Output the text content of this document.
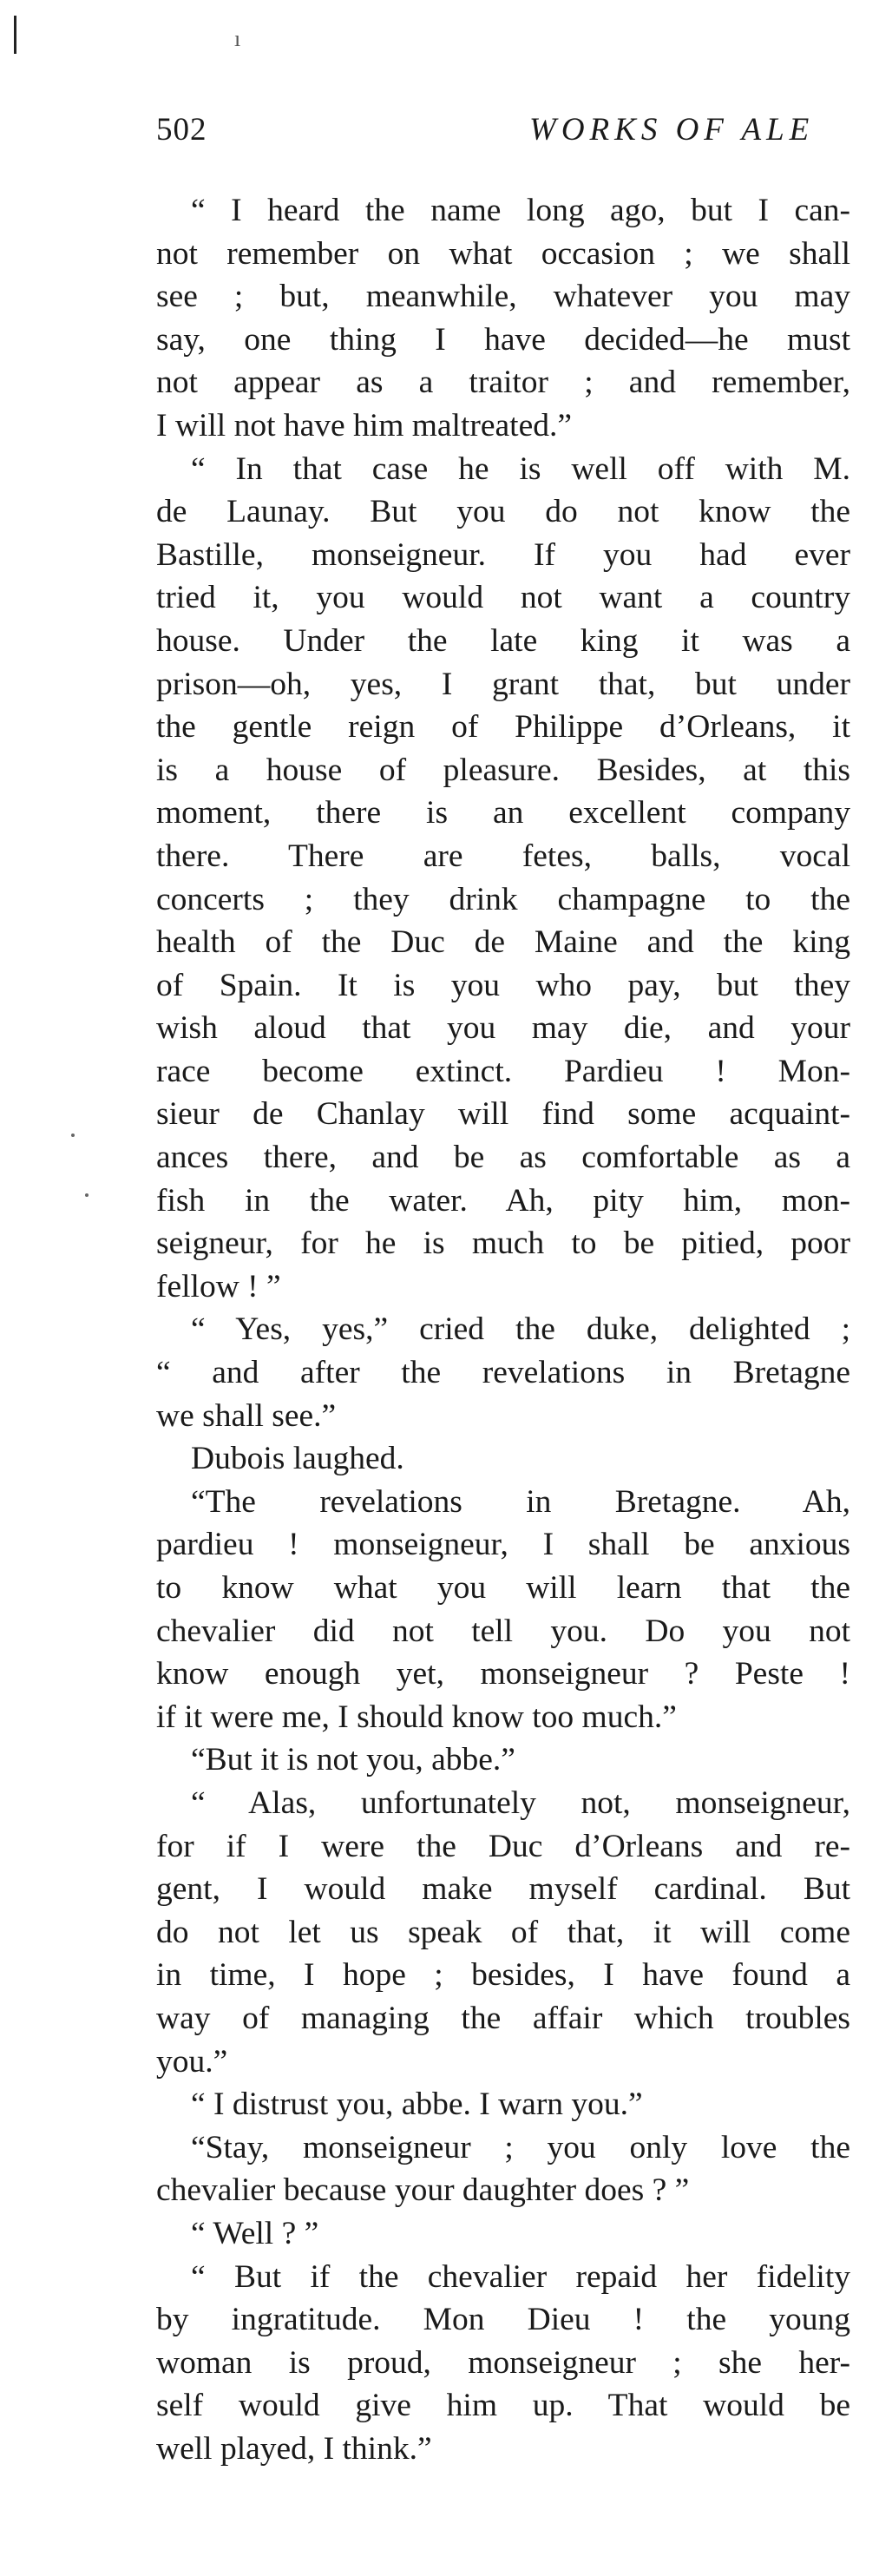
ı
502	WORKS OF ALE

“ I heard the name long ago, but I can-

not remember on what occasion ; we shall

see ; but, meanwhile, whatever you may

say, one thing I have decided—he must

not appear as a traitor ; and remember,

I will not have him maltreated.”

“ In that case he is well off with M.

de Launay. But you do not know the

Bastille, monseigneur. If you had ever

tried it, you would not want a country

house. Under the late king it was a

prison—oh, yes, I grant that, but under

the gentle reign of Philippe d’Orleans, it

is a house of pleasure. Besides, at this

moment, there is an excellent company

there. There are fetes, balls, vocal

concerts ; they drink champagne to the

health of the Duc de Maine and the king

of Spain. It is you who pay, but they

wish aloud that you may die, and your

race become extinct. Pardieu ! Mon-

sieur de Chanlay will find some acquaint-

ances there, and be as comfortable as a

fish in the water. Ah, pity him, mon-

seigneur, for he is much to be pitied, poor

fellow ! ”

“ Yes, yes,” cried the duke, delighted ;

“ and after the revelations in Bretagne

we shall see.”

Dubois laughed.

“The revelations in Bretagne. Ah,

pardieu ! monseigneur, I shall be anxious

to know what you will learn that the

chevalier did not tell you. Do you not

know enough yet, monseigneur ? Peste !

if it were me, I should know too much.”

“But it is not you, abbe.”

“ Alas, unfortunately not, monseigneur,

for if I were the Duc d’Orleans and re-

gent, I would make myself cardinal. But

do not let us speak of that, it will come

in time, I hope ; besides, I have found a

way of managing the affair which troubles

you.”

“ I distrust you, abbe. I warn you.”

“Stay, monseigneur ; you only love the

chevalier because your daughter does ? ”

“ Well ? ”

“ But if the chevalier repaid her fidelity

by ingratitude. Mon Dieu ! the young

woman is proud, monseigneur ; she her-

self would give him up. That would be

well played, I think.”
